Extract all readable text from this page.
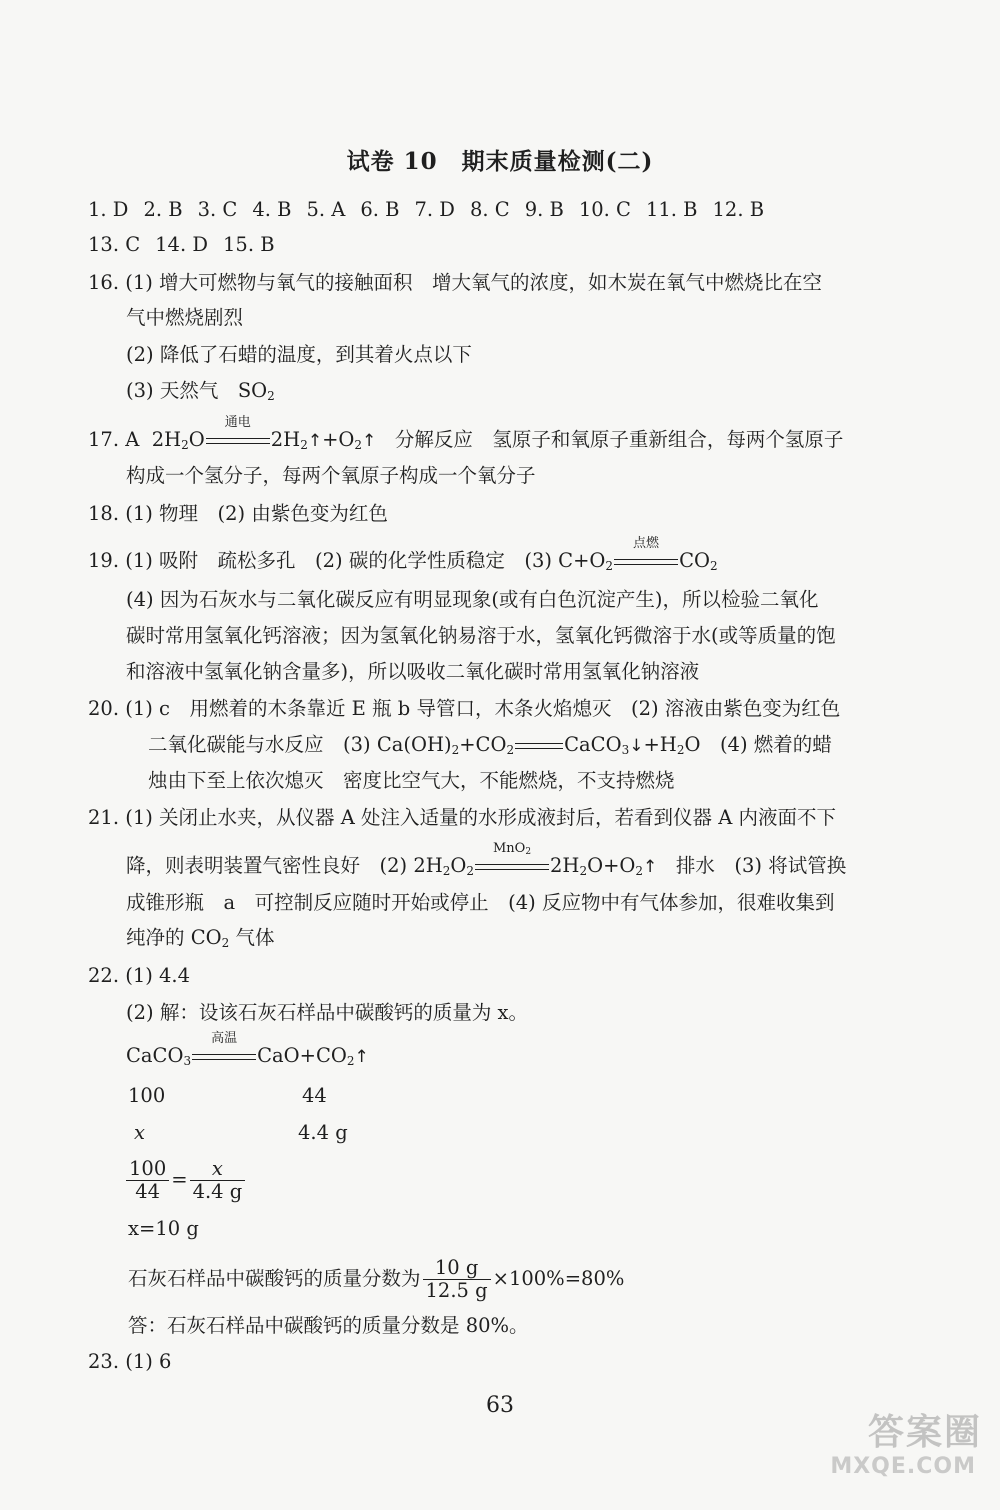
试卷 10　期末质量检测(二)
1. D 2. B 3. C 4. B 5. A 6. B 7. D 8. C 9. B 10. C 11. B 12. B
13. C 14. D 15. B
16. (1) 增大可燃物与氧气的接触面积　增大氧气的浓度，如木炭在氧气中燃烧比在空
气中燃烧剧烈
(2) 降低了石蜡的温度，到其着火点以下
(3) 天然气　$SO_2$
17. A $2H_2O$
通电
$2H_2↑+O_2↑$ 分解反应　氢原子和氧原子重新组合，每两个氢原子
构成一个氢分子，每两个氧原子构成一个氧分子
18. (1) 物理　(2) 由紫色变为红色
19. (1) 吸附　疏松多孔　(2) 碳的化学性质稳定　(3) $C+O_2$
点燃
$CO_2$
(4) 因为石灰水与二氧化碳反应有明显现象(或有白色沉淀产生)，所以检验二氧化
碳时常用氢氧化钙溶液；因为氢氧化钠易溶于水，氢氧化钙微溶于水(或等质量的饱
和溶液中氢氧化钠含量多)，所以吸收二氧化碳时常用氢氧化钠溶液
20. (1) c　用燃着的木条靠近 E 瓶 b 导管口，木条火焰熄灭　(2) 溶液由紫色变为红色
二氧化碳能与水反应　(3) $Ca(OH)_2+CO_2$	$CaCO_3↓+H_2O$　(4) 燃着的蜡
烛由下至上依次熄灭　密度比空气大，不能燃烧，不支持燃烧
21. (1) 关闭止水夹，从仪器 A 处注入适量的水形成液封后，若看到仪器 A 内液面不下
降，则表明装置气密性良好　(2) $2H_2O_2$
MnO$_2$
$2H_2O+O_2↑$ 排水　(3) 将试管换
成锥形瓶　a　可控制反应随时开始或停止　(4) 反应物中有气体参加，很难收集到
纯净的 $CO_2$ 气体
22. (1) 4.4
(2) 解：设该石灰石样品中碳酸钙的质量为 x。
CaCO$_3$
高温
$CaO+CO_2↑$
100	44
x	4.4 g
$\frac{100}{44} = \frac{x}{4.4 g}$
x=10 g
石灰石样品中碳酸钙的质量分数为 $\frac{10 g}{12.5 g} \times 100\%=80\%$
答：石灰石样品中碳酸钙的质量分数是 80%。
23. (1) 6
63
答案圈
MXQE.COM
